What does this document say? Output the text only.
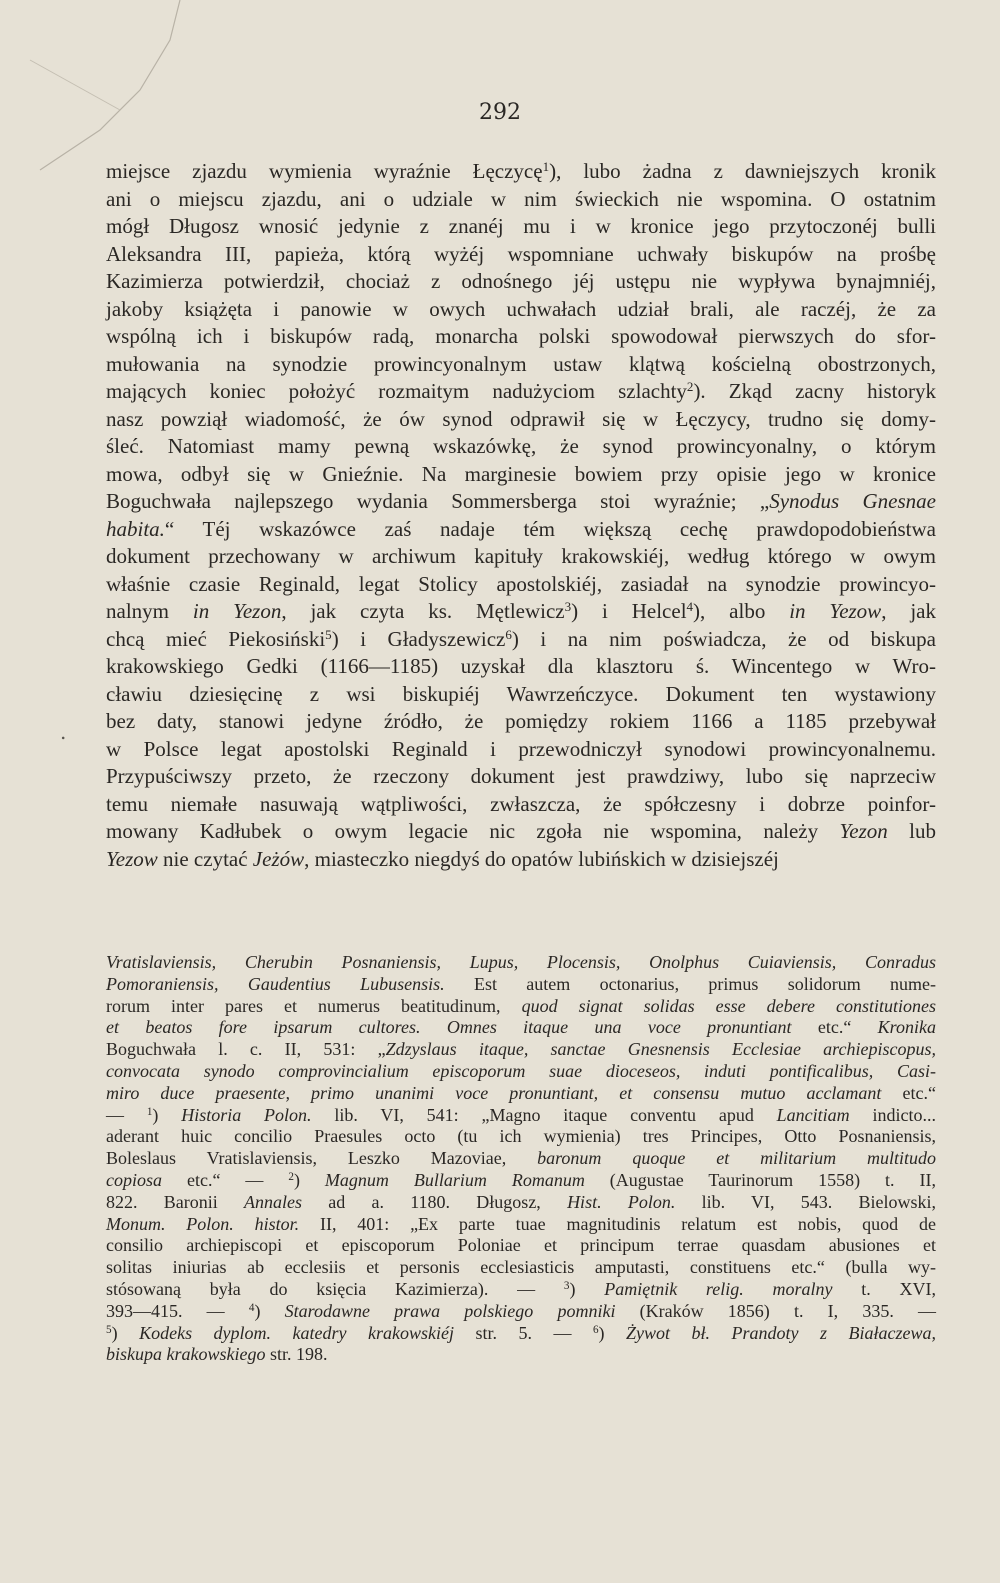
292
.
miejsce zjazdu wymienia wyraźnie Łęczycę$^1$), lubo żadna z dawniejszych kronik
ani o miejscu zjazdu, ani o udziale w nim świeckich nie wspomina. O ostatnim
mógł Długosz wnosić jedynie z znanéj mu i w kronice jego przytoczonéj bulli
Aleksandra III, papieża, którą wyżéj wspomniane uchwały biskupów na prośbę
Kazimierza potwierdził, chociaż z odnośnego jéj ustępu nie wypływa bynajmniéj,
jakoby książęta i panowie w owych uchwałach udział brali, ale raczéj, że za
wspólną ich i biskupów radą, monarcha polski spowodował pierwszych do sfor-
mułowania na synodzie prowincyonalnym ustaw klątwą kościelną obostrzonych,
mających koniec położyć rozmaitym nadużyciom szlachty$^2$). Zkąd zacny historyk
nasz powziął wiadomość, że ów synod odprawił się w Łęczycy, trudno się domy-
ślеć. Natomiast mamy pewną wskazówkę, że synod prowincyonalny, o którym
mowa, odbył się w Gnieźnie. Na marginesie bowiem przy opisie jego w kronice
Boguchwała najlepszego wydania Sommersberga stoi wyraźnie; „Synodus Gnesnae
habita.“ Téj wskazówce zaś nadaje tém większą cechę prawdopodobieństwa
dokument przechowany w archiwum kapituły krakowskiéj, według którego w owym
właśnie czasie Reginald, legat Stolicy apostolskiéj, zasiadał na synodzie prowincyo-
nalnym in Yezon, jak czyta ks. Mętlewicz$^3$) i Helcel$^4$), albo in Yezow, jak
chcą mieć Piekosiński$^5$) i Gładyszewicz$^6$) i na nim poświadcza, że od biskupa
krakowskiego Gedki (1166—1185) uzyskał dla klasztoru ś. Wincentego w Wro-
cławiu dziesięcinę z wsi biskupiéj Wawrzeńczyce. Dokument ten wystawiony
bez daty, stanowi jedyne źródło, że pomiędzy rokiem 1166 a 1185 przebywał
w Polsce legat apostolski Reginald i przewodniczył synodowi prowincyonalnemu.
Przypuściwszy przeto, że rzeczony dokument jest prawdziwy, lubo się naprzeciw
temu niemałe nasuwają wątpliwości, zwłaszcza, że spółczesny i dobrze poinfor-
mowany Kadłubek o owym legacie nic zgoła nie wspomina, należy Yezon lub
Yezow nie czytać Jeżów, miasteczko niegdyś do opatów lubińskich w dzisiejszéj
Vratislaviensis, Cherubin Posnaniensis, Lupus, Plocensis, Onolphus Cuiaviensis, Conradus
Pomoraniensis, Gaudentius Lubusensis. Est autem octonarius, primus solidorum nume-
rorum inter pares et numerus beatitudinum, quod signat solidas esse debere constitutiones
et beatos fore ipsarum cultores. Omnes itaque una voce pronuntiant etc.“ Kronika
Boguchwała l. c. II, 531: „Zdzyslaus itaque, sanctae Gnesnensis Ecclesiae archiepiscopus,
convocata synodo comprovincialium episcoporum suae dioceseos, induti pontificalibus, Casi-
miro duce praesente, primo unanimi voce pronuntiant, et consensu mutuo acclamant etc.“
— $^1$) Historia Polon. lib. VI, 541: „Magno itaque conventu apud Lancitiam indicto...
aderant huic concilio Praesules octo (tu ich wymienia) tres Principes, Otto Posnaniensis,
Boleslaus Vratislaviensis, Leszko Mazoviae, baronum quoque et militarium multitudo
copiosa etc.“ — $^2$) Magnum Bullarium Romanum (Augustae Taurinorum 1558) t. II,
822. Baronii Annales ad a. 1180. Długosz, Hist. Polon. lib. VI, 543. Bielowski,
Monum. Polon. histor. II, 401: „Ex parte tuae magnitudinis relatum est nobis, quod de
consilio archiepiscopi et episcoporum Poloniae et principum terrae quasdam abusiones et
solitas iniurias ab ecclesiis et personis ecclesiasticis amputasti, constituens etc.“ (bulla wy-
stósowaną była do księcia Kazimierza). — $^3$) Pamiętnik relig. moralny t. XVI,
393—415. — $^4$) Starodawne prawa polskiego pomniki (Kraków 1856) t. I, 335. —
$^5$) Kodeks dyplom. katedry krakowskiéj str. 5. — $^6$) Żywot bł. Prandoty z Białaczewa,
biskupa krakowskiego str. 198.
